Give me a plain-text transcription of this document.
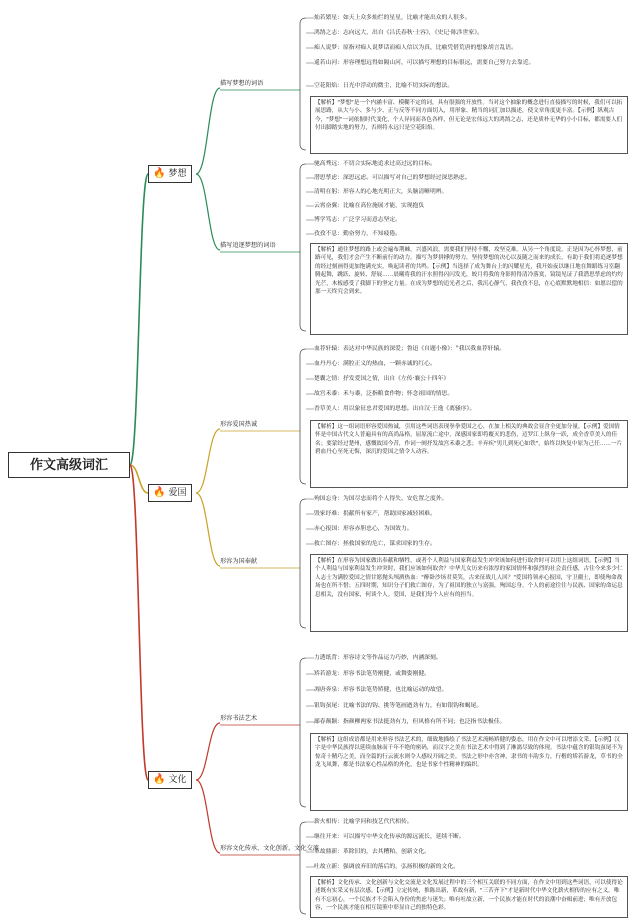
作文高级词汇
🔥 梦想
🔥 爱国
🔥 文化
描写梦想的词语
描写追逐梦想的词语
形容爱国热诚
形容为国奉献
形容书法艺术
形容文化传承、文化创新、文化交流
灿若繁星：如天上众多灿烂的星星，比喻才能出众的人很多。
鸿鹄之志：志向远大，出自《吕氏春秋·士容》，《史记·陈涉世家》。
痴人说梦：原指对痴人说梦话而痴人信以为真，比喻凭借荒唐的想象胡言乱语。
遥若山河：形容理想远得如隔山河，可以描写理想的目标很远，需要自己努力去靠近。
空花阳焰：日光中浮动的微尘，比喻不切实际的想法。
【解析】"梦想"是一个内涵丰富、模糊不定的词，具有很强的开放性。当对这个抽象的概念进行直接描写的时候，我们可以拓展思路，从大与小、多与少、正与反等不同方面切入，用形象、精当的词汇加以描述，使文章角度更丰富。【示例】纵观古今，"梦想"一词依据时代变化，个人异同而各色各样，但无论是宏伟远大的鸿鹄之志，还是质朴无华的小小目标，都需要人们付出脚踏实地的努力，否则将永远只是空花阳焰。
驰高骛远：不切合实际地追求过高过远的目标。
潜思孳虑：深思远虑。可以描写对自己的梦想经过深思熟虑。
清明在躬：形容人的心地光明正大，头脑清晰明辨。
云霄奋翼：比喻在高位施展才能，实现抱负
博学笃志：广泛学习而意志坚定。
孜孜不息：勤奋努力，不知疲倦。
【解析】通往梦想的路上或会遍布荆棘，兴盛风浪，需要我们坚持不懈，攻坚克难。从另一个角度说，正是因为心怀梦想，前路可见，我们才会产生不断前行的动力。描写为梦拼搏的努力，坚持梦想的决心以及随之而来的成长，有助于我们将追逐梦想的经过刻画得更加饱满充实，唤起读者的共鸣。【示例】当选择了成为舞台上的闪耀星光，我开始夜以继日地在舞蹈练习室翻腾起舞，跳跃、旋转、舒展……晨曦将我的汗水照得闪闪发光，皎月将我的身影照得清冷落寞，镜镜见证了我潜思孳虑的灼灼光芒，木板感受了我脚下的坚定力量。在成为梦想的追光者之后，我沉心静气，我孜孜不息，在心底默默地相信：如愿以偿的那一天终究会到来。
血荐轩辕：表达对中华民族的深爱；鲁迅《自题小像》："我以我血荐轩辕。
血丹丹心：满腔正义的热血，一颗赤诚的红心。
楚囊之情：抒发爱国之情，出自《左传·襄公十四年》
故宫禾黍：禾与黍，泛指粮食作物；怀念祖国的情思。
香草美人：用以象征忠君爱国的思想。出自汉·王逸《离骚序》。
【解析】这一组词语形容爱国热诚，引用这些词语表现拳拳爱国之心，在加上相关的典故会显含全更加分量。【示例】爱国情怀是中国古代文人普遍具有的高尚品格。屈原流亡途中，深感国家即将覆灭的悲伤，迈罗江上纵身一跃，成全香草美人的佳名；要蒙经过楚州，感慨故国今昔，作词一阕抒发故宫禾黍之悲；辛弃疾"男儿到死心如铁"，始终以恢复中原为己任……一片碧血丹心至死无悔，深沉的爱国之情令人动容。
殉国忘身：为国尽忠而将个人得失、安危置之度外。
毁家纾难：捐献所有家产，帮助国家减轻困难。
赤心报国：形容赤胆忠心，为国效力。
救亡图存：拯救国家的危亡，谋求国家的生存。
【解析】在形容为国家做出奉献和牺牲，或者个人利益与国家利益发生冲突该如何进行取舍时可以用上这组词语。【示例】当个人利益与国家利益发生冲突时，我们应该如何取舍？中华儿女历来有浓厚的家国情怀和强烈的社会责任感，古往今来多少仁人志士为满腔爱国之情甘愿抛头颅洒热血："醉卧沙场君莫笑，古来征战几人回？"爱国将领赤心报国，守卫疆土，即使殉命战场也在所不惜；五四时期，知识分子们救亡图存，为了祖国的独立与富强，殉国忘身。个人的前途往往与民族、国家的命运息息相关，没有国家，何谈个人。爱国，是我们每个人应有的担当。
力透纸背：形容诗文等作品运力巧妙，内涵深刻。
矫若游龙：形容书法笔势刚健，或舞姿刚健。
凋唐奔泉：形容书法笔势矫健，也比喻运动的故望。
银钩虿尾：比喻书法的钩、挑等笔画遒劲有力，有如银钩和蝎尾。
鄙春颠颖：指颜柳两家书法挺劲有力，但风格有所不同；也泛指书法极佳。
【解析】这组成语都是用来形容书法艺术的，细致地描绘了书法艺术流畅矫健的姿态，用在作文中可以增添文采。【示例】汉字是中华民族得以延续血脉而千年不绝的密码，而汉字之美在书法艺术中得到了淋漓尽致的体现。书法中蕴含的银钩虿尾不为惊奇十精巧之美，而全篇的行云流水则令人感叹开阔之美。书法之形中亦含神，隶书的丰韵多力，行楷的矫若游龙，草书的全龙飞凤舞，都是书法家心性品格的外化，也是书家个性精神的编织。
薪火相传：比喻学问和技艺代代相传。
继往开来：可以描写中华文化传承的源远流长，延续不断。
革故鼎新：革除旧的，去其糟粕，创新文化。
吐故立新：强调放弃旧的落后的，弘扬积极的新的文化。
【解析】文化传承、文化创新与文化交流是文化发展过程中的三个相互关联的不同方面，在作文中用到这些词语，可以使得论述既有实采又有层次感。【示例】立定传统，推陈出新，革故有新，"三苦齐下"才是新时代中华文化薪火相传的应有之义。唯有不忘初心，一个民族才不会陷入身份的焦虑与迷失；唯有吐故立新，一个民族才能在时代的浪潮中奋楫前进；唯有开放包容，一个民族才能在相互镜鉴中彰显自己的独特色彩。
